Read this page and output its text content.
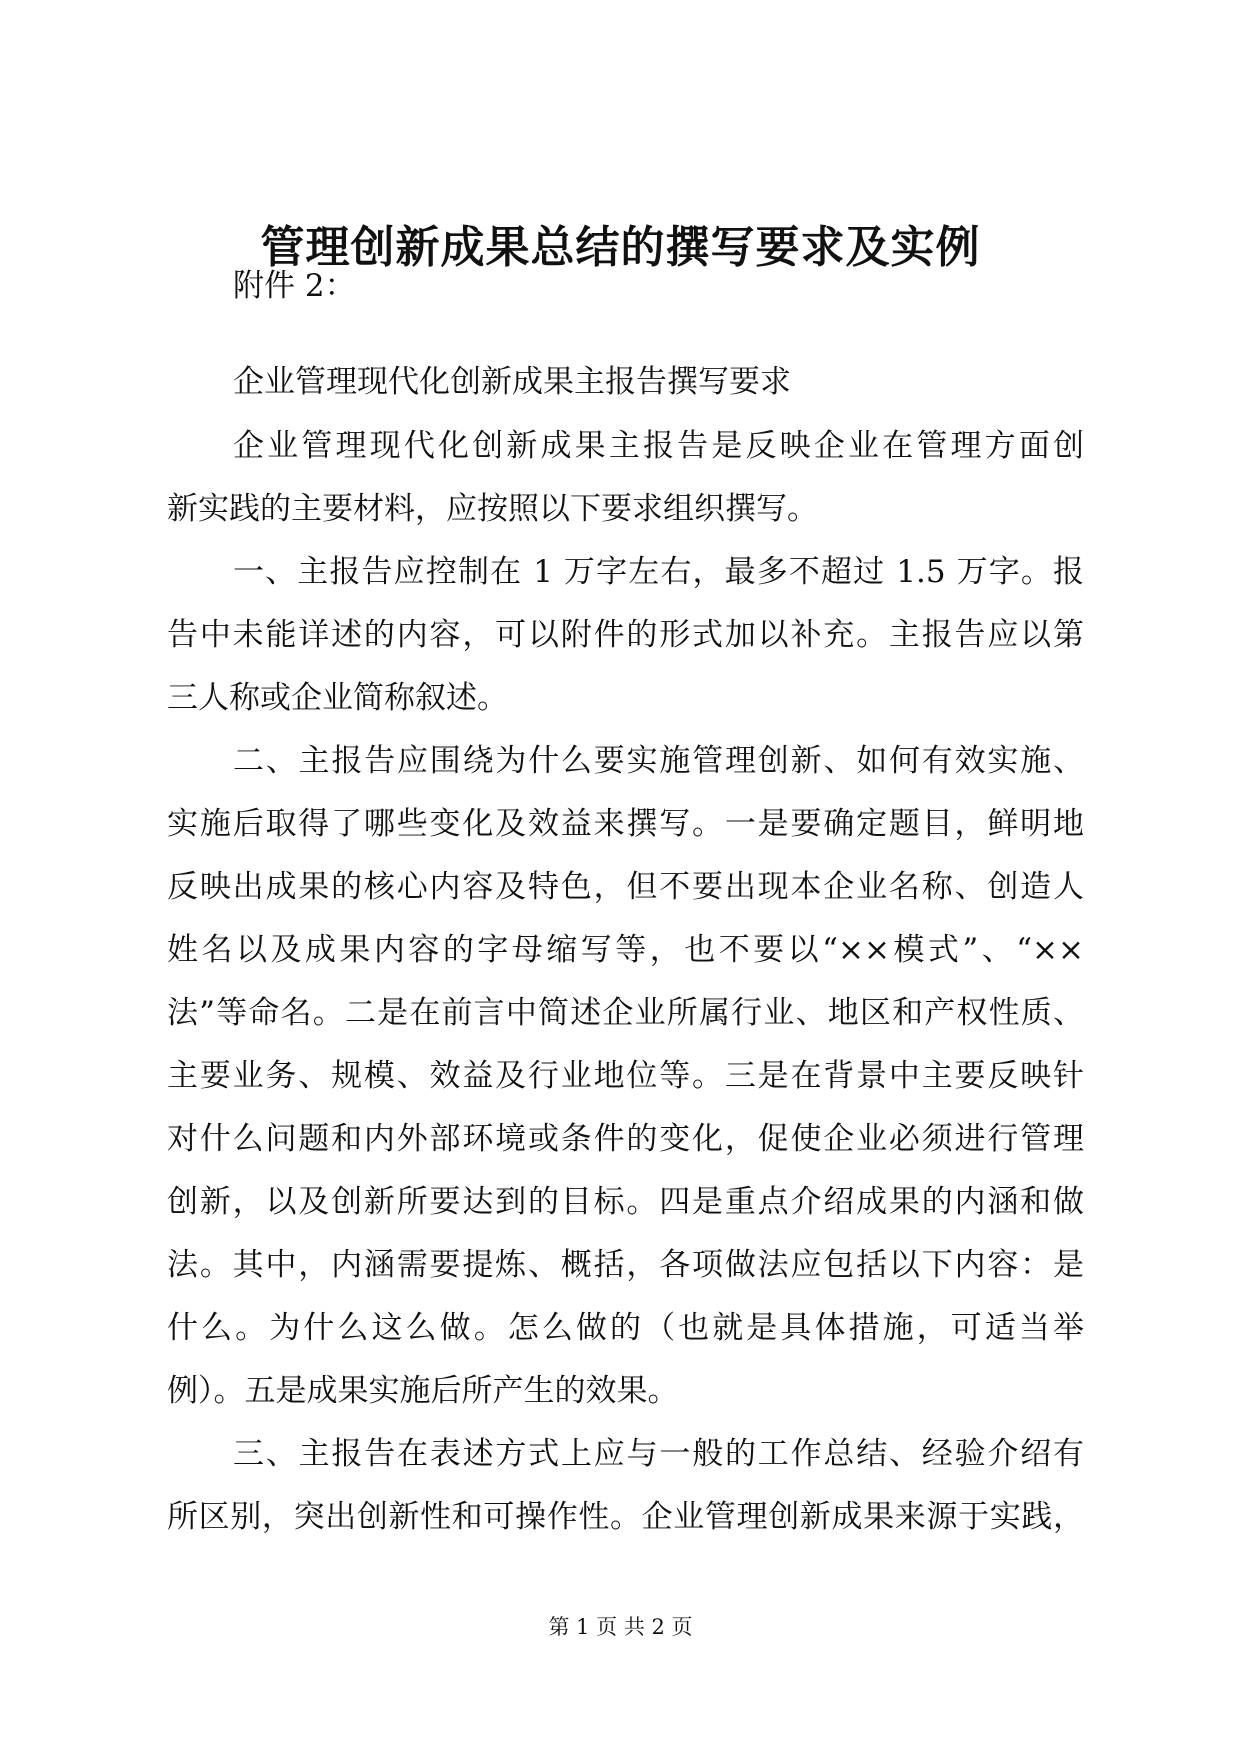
管理创新成果总结的撰写要求及实例

附件 2：

企业管理现代化创新成果主报告撰写要求

企业管理现代化创新成果主报告是反映企业在管理方面创

新实践的主要材料，应按照以下要求组织撰写。

一、主报告应控制在 1 万字左右，最多不超过 1.5 万字。报

告中未能详述的内容，可以附件的形式加以补充。主报告应以第

三人称或企业简称叙述。

二、主报告应围绕为什么要实施管理创新、如何有效实施、

实施后取得了哪些变化及效益来撰写。一是要确定题目，鲜明地

反映出成果的核心内容及特色，但不要出现本企业名称、创造人

姓名以及成果内容的字母缩写等，也不要以“××模式”、“××

法”等命名。二是在前言中简述企业所属行业、地区和产权性质、

主要业务、规模、效益及行业地位等。三是在背景中主要反映针

对什么问题和内外部环境或条件的变化，促使企业必须进行管理

创新，以及创新所要达到的目标。四是重点介绍成果的内涵和做

法。其中，内涵需要提炼、概括，各项做法应包括以下内容：是

什么。为什么这么做。怎么做的（也就是具体措施，可适当举

例）。五是成果实施后所产生的效果。

三、主报告在表述方式上应与一般的工作总结、经验介绍有

所区别，突出创新性和可操作性。企业管理创新成果来源于实践，

第 1 页 共 2 页
